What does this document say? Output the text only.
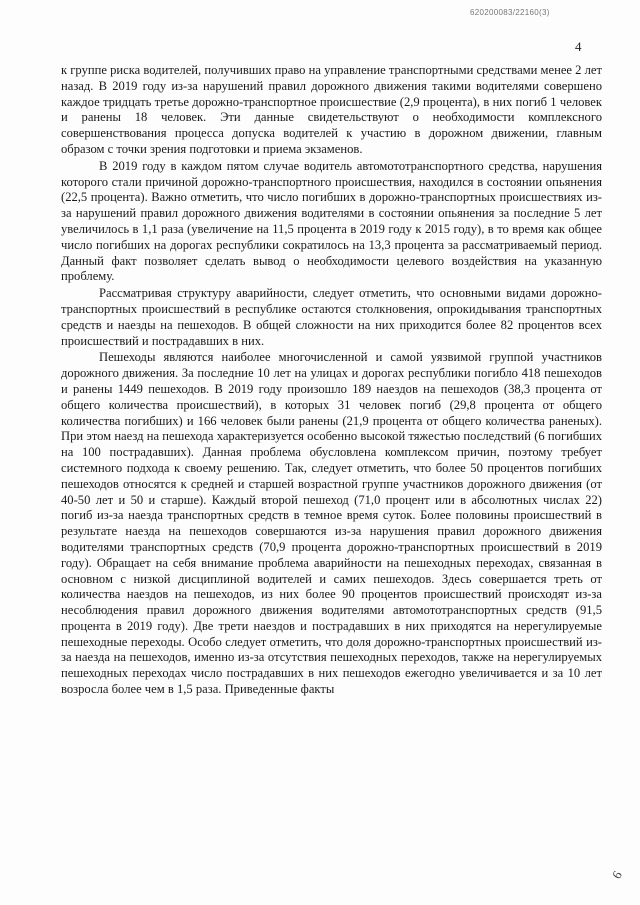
620200083/22160(3)
4

к группе риска водителей, получивших право на управление транспортными средствами менее 2 лет назад. В 2019 году из-за нарушений правил дорожного движения такими водителями совершено каждое тридцать третье дорожно-транспортное происшествие (2,9 процента), в них погиб 1 человек и ранены 18 человек. Эти данные свидетельствуют о необходимости комплексного совершенствования процесса допуска водителей к участию в дорожном движении, главным образом с точки зрения подготовки и приема экзаменов.

В 2019 году в каждом пятом случае водитель автомототранспортного средства, нарушения которого стали причиной дорожно-транспортного происшествия, находился в состоянии опьянения (22,5 процента). Важно отметить, что число погибших в дорожно-транспортных происшествиях из-за нарушений правил дорожного движения водителями в состоянии опьянения за последние 5 лет увеличилось в 1,1 раза (увеличение на 11,5 процента в 2019 году к 2015 году), в то время как общее число погибших на дорогах республики сократилось на 13,3 процента за рассматриваемый период. Данный факт позволяет сделать вывод о необходимости целевого воздействия на указанную проблему.

Рассматривая структуру аварийности, следует отметить, что основными видами дорожно-транспортных происшествий в республике остаются столкновения, опрокидывания транспортных средств и наезды на пешеходов. В общей сложности на них приходится более 82 процентов всех происшествий и пострадавших в них.

Пешеходы являются наиболее многочисленной и самой уязвимой группой участников дорожного движения. За последние 10 лет на улицах и дорогах республики погибло 418 пешеходов и ранены 1449 пешеходов. В 2019 году произошло 189 наездов на пешеходов (38,3 процента от общего количества происшествий), в которых 31 человек погиб (29,8 процента от общего количества погибших) и 166 человек были ранены (21,9 процента от общего количества раненых). При этом наезд на пешехода характеризуется особенно высокой тяжестью последствий (6 погибших на 100 пострадавших). Данная проблема обусловлена комплексом причин, поэтому требует системного подхода к своему решению. Так, следует отметить, что более 50 процентов погибших пешеходов относятся к средней и старшей возрастной группе участников дорожного движения (от 40-50 лет и 50 и старше). Каждый второй пешеход (71,0 процент или в абсолютных числах 22) погиб из-за наезда транспортных средств в темное время суток. Более половины происшествий в результате наезда на пешеходов совершаются из-за нарушения правил дорожного движения водителями транспортных средств (70,9 процента дорожно-транспортных происшествий в 2019 году). Обращает на себя внимание проблема аварийности на пешеходных переходах, связанная в основном с низкой дисциплиной водителей и самих пешеходов. Здесь совершается треть от количества наездов на пешеходов, из них более 90 процентов происшествий происходят из-за несоблюдения правил дорожного движения водителями автомототранспортных средств (91,5 процента в 2019 году). Две трети наездов и пострадавших в них приходятся на нерегулируемые пешеходные переходы. Особо следует отметить, что доля дорожно-транспортных происшествий из-за наезда на пешеходов, именно из-за отсутствия пешеходных переходов, также на нерегулируемых пешеходных переходах число пострадавших в них пешеходов ежегодно увеличивается и за 10 лет возросла более чем в 1,5 раза. Приведенные факты

6
